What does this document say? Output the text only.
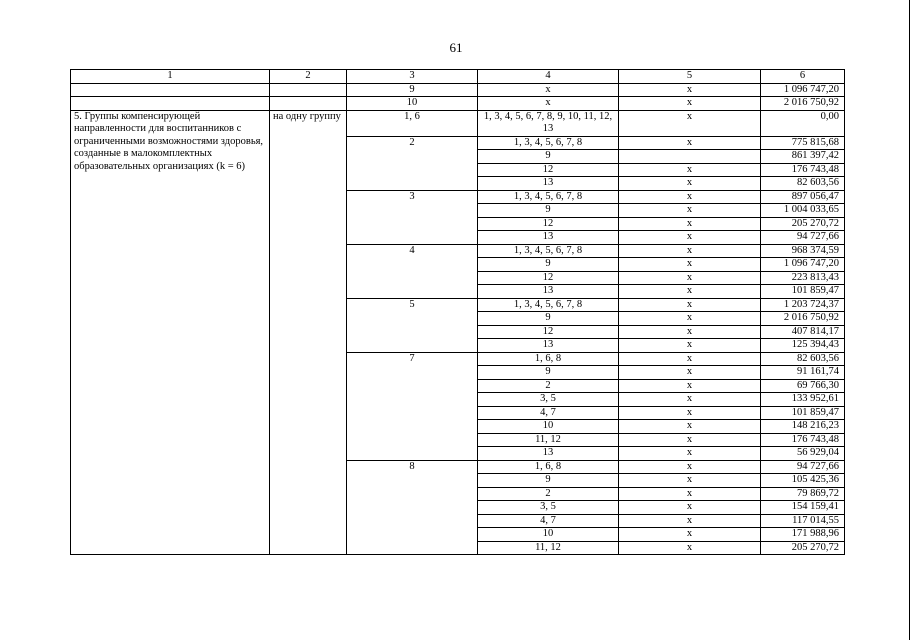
61
1	2	3	4	5	6
		9	х	х	1 096 747,20
		10	х	х	2 016 750,92
5. Группы компенсирующей направленности для воспитанников с ограниченными возможностями здоровья, созданные в малокомплектных образовательных организациях (k = 6)	на одну группу	1, 6	1, 3, 4, 5, 6, 7, 8, 9, 10, 11, 12, 13	х	0,00
		2	1, 3, 4, 5, 6, 7, 8	х	775 815,68
			9		861 397,42
			12	х	176 743,48
			13	х	82 603,56
		3	1, 3, 4, 5, 6, 7, 8	х	897 056,47
			9	х	1 004 033,65
			12	х	205 270,72
			13	х	94 727,66
		4	1, 3, 4, 5, 6, 7, 8	х	968 374,59
			9	х	1 096 747,20
			12	х	223 813,43
			13	х	101 859,47
		5	1, 3, 4, 5, 6, 7, 8	х	1 203 724,37
			9	х	2 016 750,92
			12	х	407 814,17
			13	х	125 394,43
		7	1, 6, 8	х	82 603,56
			9	х	91 161,74
			2	х	69 766,30
			3, 5	х	133 952,61
			4, 7	х	101 859,47
			10	х	148 216,23
			11, 12	х	176 743,48
			13	х	56 929,04
		8	1, 6, 8	х	94 727,66
			9	х	105 425,36
			2	х	79 869,72
			3, 5	х	154 159,41
			4, 7	х	117 014,55
			10	х	171 988,96
			11, 12	х	205 270,72
